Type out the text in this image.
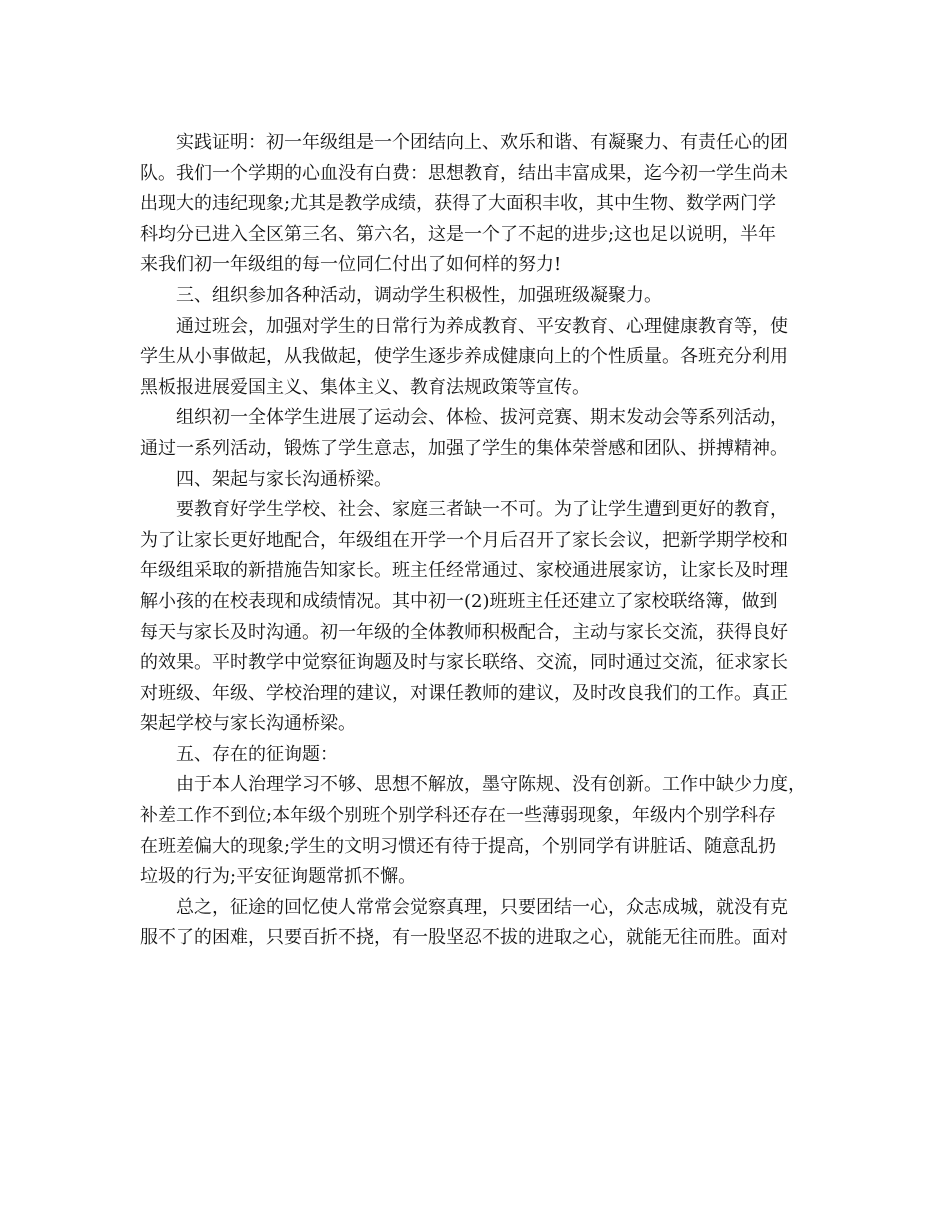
实践证明：初一年级组是一个团结向上、欢乐和谐、有凝聚力、有责任心的团
队。我们一个学期的心血没有白费：思想教育，结出丰富成果，迄今初一学生尚未
出现大的违纪现象;尤其是教学成绩，获得了大面积丰收，其中生物、数学两门学
科均分已进入全区第三名、第六名，这是一个了不起的进步;这也足以说明，半年
来我们初一年级组的每一位同仁付出了如何样的努力!
三、组织参加各种活动，调动学生积极性，加强班级凝聚力。
通过班会，加强对学生的日常行为养成教育、平安教育、心理健康教育等，使
学生从小事做起，从我做起，使学生逐步养成健康向上的个性质量。各班充分利用
黑板报进展爱国主义、集体主义、教育法规政策等宣传。
组织初一全体学生进展了运动会、体检、拔河竞赛、期末发动会等系列活动，
通过一系列活动，锻炼了学生意志，加强了学生的集体荣誉感和团队、拼搏精神。
四、架起与家长沟通桥梁。
要教育好学生学校、社会、家庭三者缺一不可。为了让学生遭到更好的教育，
为了让家长更好地配合，年级组在开学一个月后召开了家长会议，把新学期学校和
年级组采取的新措施告知家长。班主任经常通过、家校通进展家访，让家长及时理
解小孩的在校表现和成绩情况。其中初一(2)班班主任还建立了家校联络簿，做到
每天与家长及时沟通。初一年级的全体教师积极配合，主动与家长交流，获得良好
的效果。平时教学中觉察征询题及时与家长联络、交流，同时通过交流，征求家长
对班级、年级、学校治理的建议，对课任教师的建议，及时改良我们的工作。真正
架起学校与家长沟通桥梁。
五、存在的征询题：
由于本人治理学习不够、思想不解放，墨守陈规、没有创新。工作中缺少力度，
补差工作不到位;本年级个别班个别学科还存在一些薄弱现象，年级内个别学科存
在班差偏大的现象;学生的文明习惯还有待于提高，个别同学有讲脏话、随意乱扔
垃圾的行为;平安征询题常抓不懈。
总之，征途的回忆使人常常会觉察真理，只要团结一心，众志成城，就没有克
服不了的困难，只要百折不挠，有一股坚忍不拔的进取之心，就能无往而胜。面对
